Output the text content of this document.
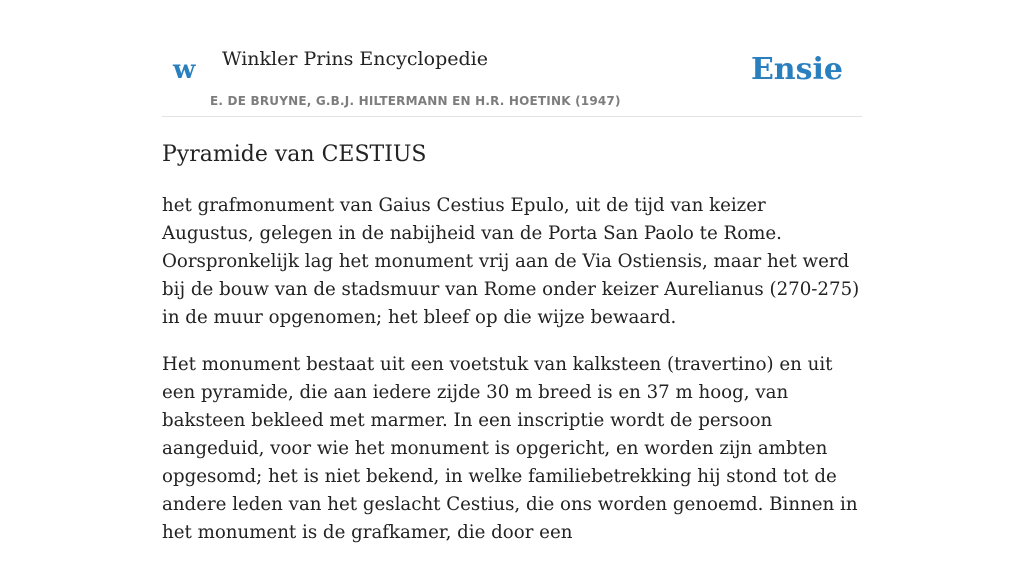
w Winkler Prins Encyclopedie
E. DE BRUYNE, G.B.J. HILTERMANN EN H.R. HOETINK (1947)
Ensie
Pyramide van CESTIUS

het grafmonument van Gaius Cestius Epulo, uit de tijd van keizer Augustus, gelegen in de nabijheid van de Porta San Paolo te Rome. Oorspronkelijk lag het monument vrij aan de Via Ostiensis, maar het werd bij de bouw van de stadsmuur van Rome onder keizer Aurelianus (270-275) in de muur opgenomen; het bleef op die wijze bewaard.

Het monument bestaat uit een voetstuk van kalksteen (travertino) en uit een pyramide, die aan iedere zijde 30 m breed is en 37 m hoog, van baksteen bekleed met marmer. In een inscriptie wordt de persoon aangeduid, voor wie het monument is opgericht, en worden zijn ambten opgesomd; het is niet bekend, in welke familiebetrekking hij stond tot de andere leden van het geslacht Cestius, die ons worden genoemd. Binnen in het monument is de grafkamer, die door een
